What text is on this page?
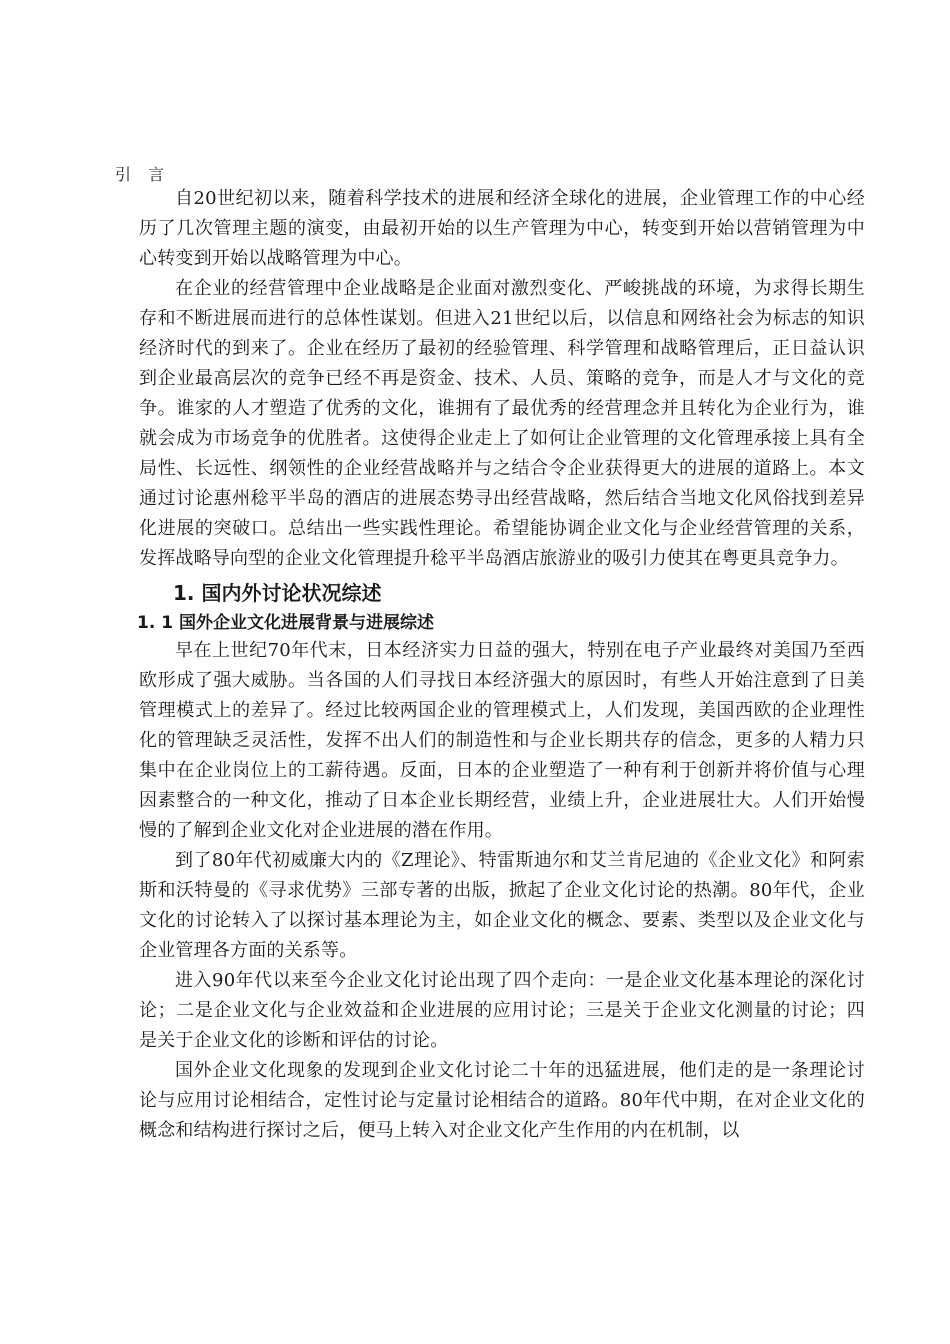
引 言

自20世纪初以来，随着科学技术的进展和经济全球化的进展，企业管理工作的中心经历了几次管理主题的演变，由最初开始的以生产管理为中心，转变到开始以营销管理为中心转变到开始以战略管理为中心。

在企业的经营管理中企业战略是企业面对激烈变化、严峻挑战的环境，为求得长期生存和不断进展而进行的总体性谋划。但进入21世纪以后，以信息和网络社会为标志的知识经济时代的到来了。企业在经历了最初的经验管理、科学管理和战略管理后，正日益认识到企业最高层次的竞争已经不再是资金、技术、人员、策略的竞争，而是人才与文化的竞争。谁家的人才塑造了优秀的文化，谁拥有了最优秀的经营理念并且转化为企业行为，谁就会成为市场竞争的优胜者。这使得企业走上了如何让企业管理的文化管理承接上具有全局性、长远性、纲领性的企业经营战略并与之结合令企业获得更大的进展的道路上。本文通过讨论惠州稔平半岛的酒店的进展态势寻出经营战略，然后结合当地文化风俗找到差异化进展的突破口。总结出一些实践性理论。希望能协调企业文化与企业经营管理的关系，发挥战略导向型的企业文化管理提升稔平半岛酒店旅游业的吸引力使其在粤更具竞争力。

1. 国内外讨论状况综述
1. 1 国外企业文化进展背景与进展综述

早在上世纪70年代末，日本经济实力日益的强大，特别在电子产业最终对美国乃至西欧形成了强大威胁。当各国的人们寻找日本经济强大的原因时，有些人开始注意到了日美管理模式上的差异了。经过比较两国企业的管理模式上，人们发现，美国西欧的企业理性化的管理缺乏灵活性，发挥不出人们的制造性和与企业长期共存的信念，更多的人精力只集中在企业岗位上的工薪待遇。反面，日本的企业塑造了一种有利于创新并将价值与心理因素整合的一种文化，推动了日本企业长期经营，业绩上升，企业进展壮大。人们开始慢慢的了解到企业文化对企业进展的潜在作用。

到了80年代初威廉大内的《Z理论》、特雷斯迪尔和艾兰肯尼迪的《企业文化》和阿索斯和沃特曼的《寻求优势》三部专著的出版，掀起了企业文化讨论的热潮。80年代，企业文化的讨论转入了以探讨基本理论为主，如企业文化的概念、要素、类型以及企业文化与企业管理各方面的关系等。

进入90年代以来至今企业文化讨论出现了四个走向：一是企业文化基本理论的深化讨论；二是企业文化与企业效益和企业进展的应用讨论；三是关于企业文化测量的讨论；四是关于企业文化的诊断和评估的讨论。

国外企业文化现象的发现到企业文化讨论二十年的迅猛进展，他们走的是一条理论讨论与应用讨论相结合，定性讨论与定量讨论相结合的道路。80年代中期，在对企业文化的概念和结构进行探讨之后，便马上转入对企业文化产生作用的内在机制，以
